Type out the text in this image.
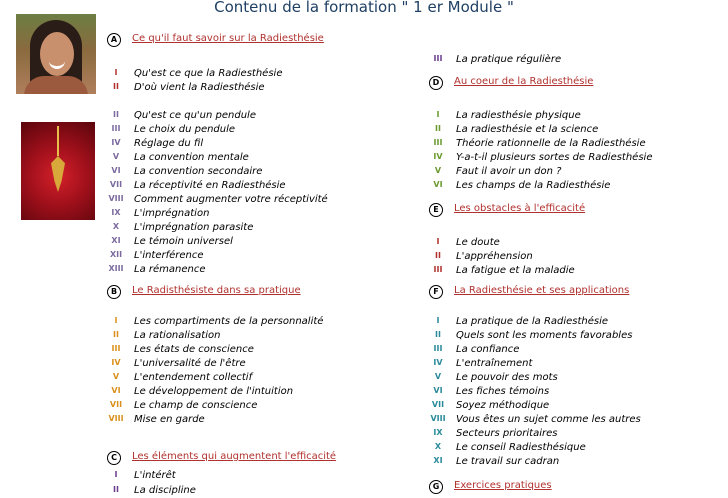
Contenu de la formation " 1 er Module "
A	Ce qu'il faut savoir sur la Radiesthésie
I	Qu'est ce que la Radiesthésie
II	D'où vient la Radiesthésie
II	Qu'est ce qu'un pendule
III	Le choix du pendule
IV	Réglage du fil
V	La convention mentale
VI	La convention secondaire
VII	La réceptivité en Radiesthésie
VIII	Comment augmenter votre réceptivité
IX	L'imprégnation
X	L'imprégnation parasite
XI	Le témoin universel
XII	L'interférence
XIII	La rémanence
B	Le Radisthésiste dans sa pratique
I	Les compartiments de la personnalité
II	La rationalisation
III	Les états de conscience
IV	L'universalité de l'être
V	L'entendement collectif
VI	Le développement de l'intuition
VII	Le champ de conscience
VIII	Mise en garde
C	Les éléments qui augmentent l'efficacité
I	L'intérêt
II	La discipline
III	La pratique régulière
D	Au coeur de la Radiesthésie
I	La radiesthésie physique
II	La radiesthésie et la science
III	Théorie rationnelle de la Radiesthésie
IV	Y-a-t-il plusieurs sortes de Radiesthésie
V	Faut il avoir un don ?
VI	Les champs de la Radiesthésie
E	Les obstacles à l'efficacité
I	Le doute
II	L'appréhension
III	La fatigue et la maladie
F	La Radiesthésie et ses applications
I	La pratique de la Radiesthésie
II	Quels sont les moments favorables
III	La confiance
IV	L'entraînement
V	Le pouvoir des mots
VI	Les fiches témoins
VII	Soyez méthodique
VIII	Vous êtes un sujet comme les autres
IX	Secteurs prioritaires
X	Le conseil Radiesthésique
XI	Le travail sur cadran
G	Exercices pratiques
